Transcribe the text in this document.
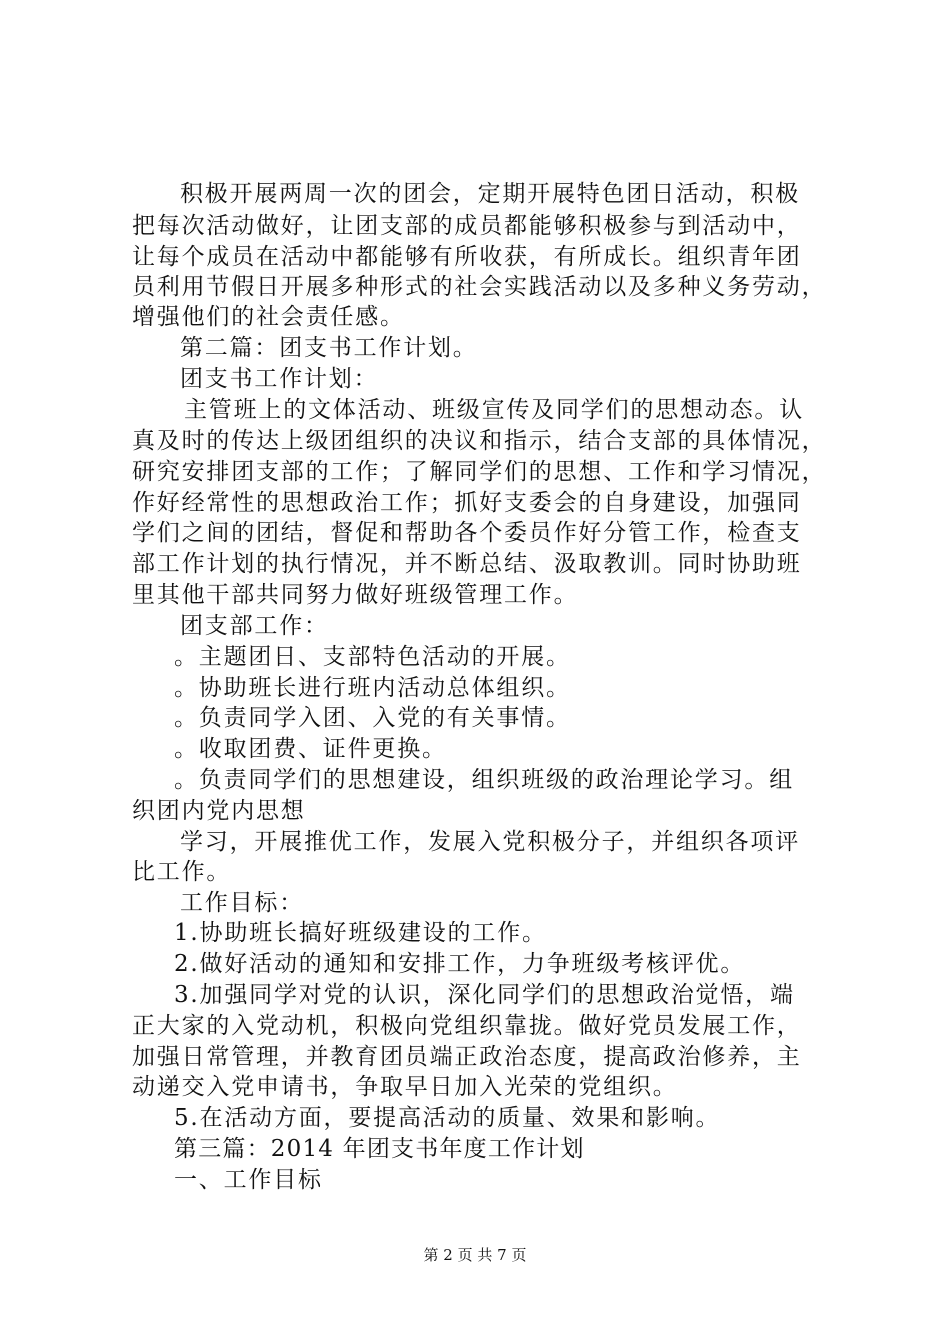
积极开展两周一次的团会，定期开展特色团日活动，积极
把每次活动做好，让团支部的成员都能够积极参与到活动中，
让每个成员在活动中都能够有所收获，有所成长。组织青年团
员利用节假日开展多种形式的社会实践活动以及多种义务劳动，
增强他们的社会责任感。
第二篇：团支书工作计划。
团支书工作计划：
主管班上的文体活动、班级宣传及同学们的思想动态。认
真及时的传达上级团组织的决议和指示，结合支部的具体情况，
研究安排团支部的工作；了解同学们的思想、工作和学习情况，
作好经常性的思想政治工作；抓好支委会的自身建设，加强同
学们之间的团结，督促和帮助各个委员作好分管工作，检查支
部工作计划的执行情况，并不断总结、汲取教训。同时协助班
里其他干部共同努力做好班级管理工作。
团支部工作：
。主题团日、支部特色活动的开展。
。协助班长进行班内活动总体组织。
。负责同学入团、入党的有关事情。
。收取团费、证件更换。
。负责同学们的思想建设，组织班级的政治理论学习。组
织团内党内思想
学习，开展推优工作，发展入党积极分子，并组织各项评
比工作。
工作目标：
1.协助班长搞好班级建设的工作。
2.做好活动的通知和安排工作，力争班级考核评优。
3.加强同学对党的认识，深化同学们的思想政治觉悟，端
正大家的入党动机，积极向党组织靠拢。做好党员发展工作，
加强日常管理，并教育团员端正政治态度，提高政治修养，主
动递交入党申请书，争取早日加入光荣的党组织。
5.在活动方面，要提高活动的质量、效果和影响。
第三篇：2014 年团支书年度工作计划
一、工作目标
第 2 页 共 7 页
